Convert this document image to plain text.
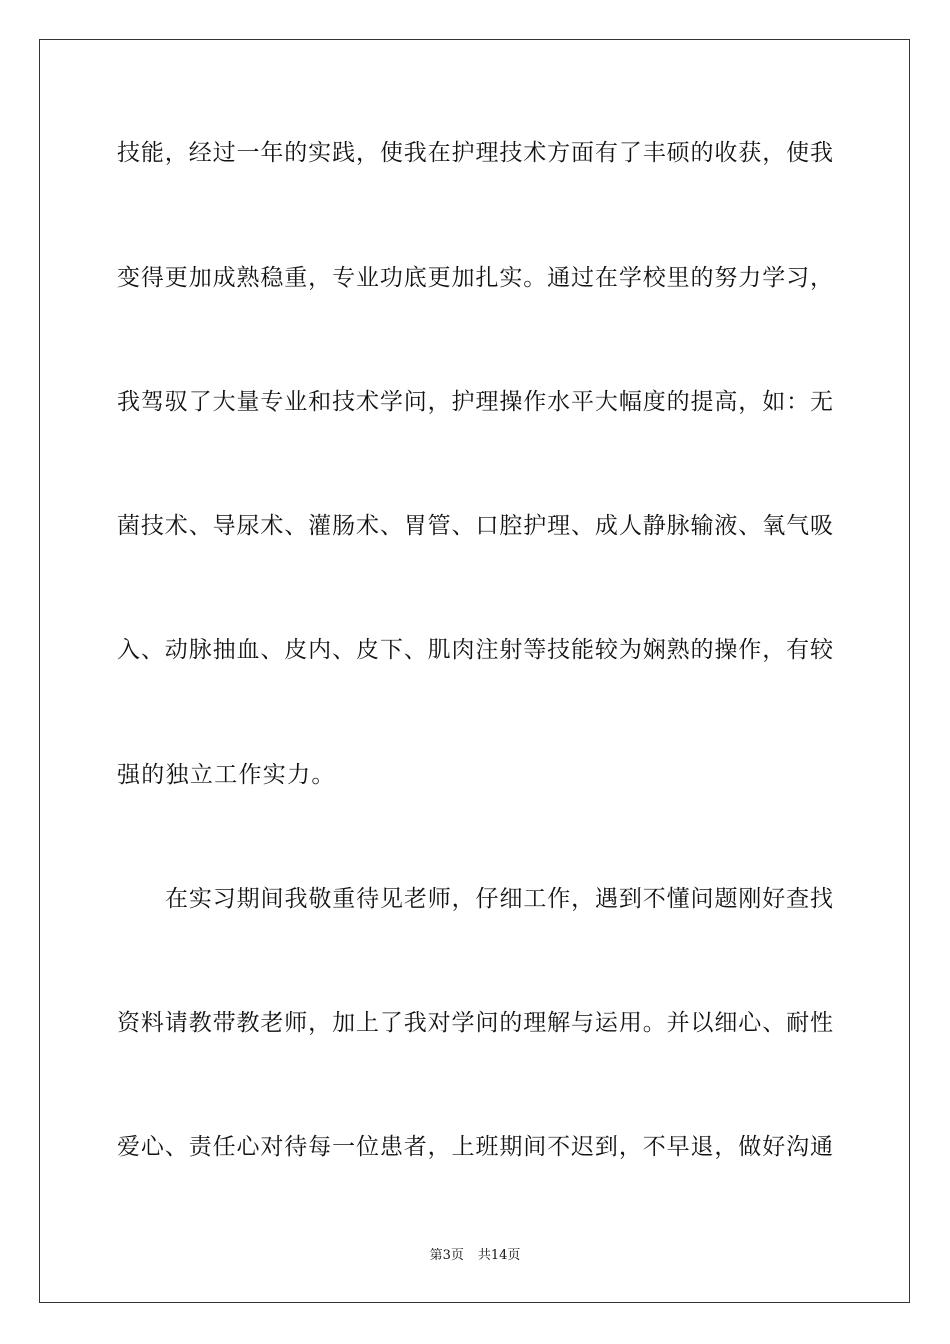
技能，经过一年的实践，使我在护理技术方面有了丰硕的收获，使我
变得更加成熟稳重，专业功底更加扎实。通过在学校里的努力学习，
我驾驭了大量专业和技术学问，护理操作水平大幅度的提高，如：无
菌技术、导尿术、灌肠术、胃管、口腔护理、成人静脉输液、氧气吸
入、动脉抽血、皮内、皮下、肌肉注射等技能较为娴熟的操作，有较
强的独立工作实力。
在实习期间我敬重待见老师，仔细工作，遇到不懂问题刚好查找
资料请教带教老师，加上了我对学问的理解与运用。并以细心、耐性
爱心、责任心对待每一位患者，上班期间不迟到，不早退，做好沟通
第3页 共14页
